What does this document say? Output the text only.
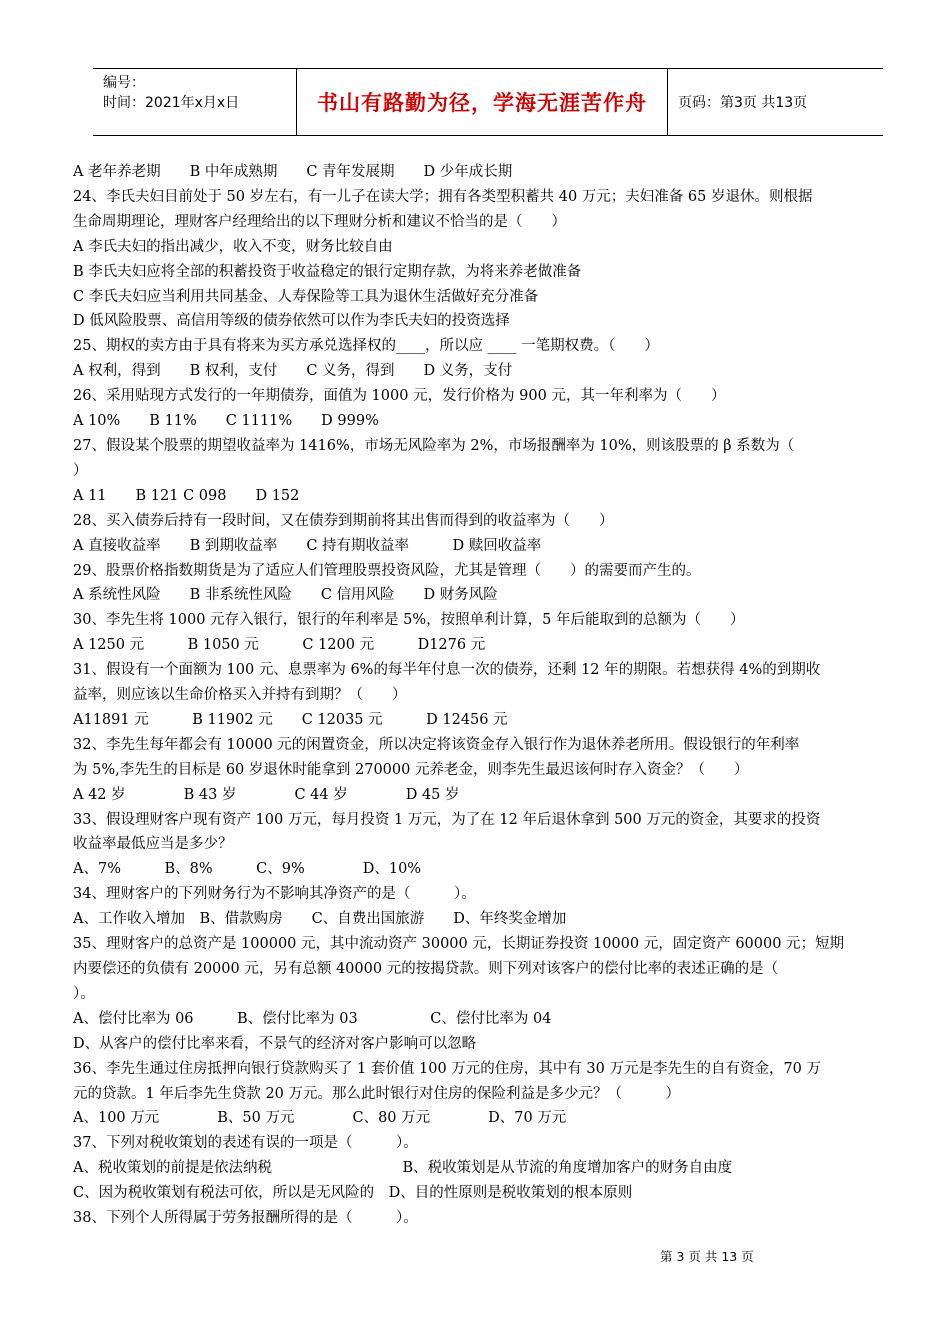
编号：
时间：2021年x月x日	书山有路勤为径，学海无涯苦作舟 页码：第3页 共13页
A 老年养老期　　B 中年成熟期　　C 青年发展期　　D 少年成长期
24、李氏夫妇目前处于 50 岁左右，有一儿子在读大学；拥有各类型积蓄共 40 万元；夫妇准备 65 岁退休。则根据
生命周期理论，理财客户经理给出的以下理财分析和建议不恰当的是（　　）
A 李氏夫妇的指出减少，收入不变，财务比较自由
B 李氏夫妇应将全部的积蓄投资于收益稳定的银行定期存款，为将来养老做准备
C 李氏夫妇应当利用共同基金、人寿保险等工具为退休生活做好充分准备
D 低风险股票、高信用等级的债券依然可以作为李氏夫妇的投资选择
25、期权的卖方由于具有将来为买方承兑选择权的____，所以应 ____ 一笔期权费。（　　）
A 权利，得到　　B 权利，支付　　C 义务，得到　　D 义务，支付
26、采用贴现方式发行的一年期债券，面值为 1000 元，发行价格为 900 元，其一年利率为（　　）
A 10%　　B 11%　　C 1111%　　D 999%
27、假设某个股票的期望收益率为 1416%，市场无风险率为 2%，市场报酬率为 10%，则该股票的 β 系数为（
）
A 11　　B 121 C 098　　D 152
28、买入债券后持有一段时间，又在债券到期前将其出售而得到的收益率为（　　）
A 直接收益率　　B 到期收益率　　C 持有期收益率　　　D 赎回收益率
29、股票价格指数期货是为了适应人们管理股票投资风险，尤其是管理（　　）的需要而产生的。
A 系统性风险　　B 非系统性风险　　C 信用风险　　D 财务风险
30、李先生将 1000 元存入银行，银行的年利率是 5%，按照单利计算，5 年后能取到的总额为（　　）
A 1250 元　　　B 1050 元　　　C 1200 元　　　D1276 元
31、假设有一个面额为 100 元、息票率为 6%的每半年付息一次的债券，还剩 12 年的期限。若想获得 4%的到期收
益率，则应该以生命价格买入并持有到期？（　　）
A11891 元　　　B 11902 元　　C 12035 元　　　D 12456 元
32、李先生每年都会有 10000 元的闲置资金，所以决定将该资金存入银行作为退休养老所用。假设银行的年利率
为 5%,李先生的目标是 60 岁退休时能拿到 270000 元养老金，则李先生最迟该何时存入资金？（　　）
A 42 岁　　　　B 43 岁　　　　C 44 岁　　　　D 45 岁
33、假设理财客户现有资产 100 万元，每月投资 1 万元，为了在 12 年后退休拿到 500 万元的资金，其要求的投资
收益率最低应当是多少？
A、7%　　　B、8%　　　C、9%　　　　D、10%
34、理财客户的下列财务行为不影响其净资产的是（　　　）。
A、工作收入增加　B、借款购房　　C、自费出国旅游　　D、年终奖金增加
35、理财客户的总资产是 100000 元，其中流动资产 30000 元，长期证券投资 10000 元，固定资产 60000 元；短期
内要偿还的负债有 20000 元，另有总额 40000 元的按揭贷款。则下列对该客户的偿付比率的表述正确的是（
）。
A、偿付比率为 06　　　B、偿付比率为 03　　　　　C、偿付比率为 04
D、从客户的偿付比率来看，不景气的经济对客户影响可以忽略
36、李先生通过住房抵押向银行贷款购买了 1 套价值 100 万元的住房，其中有 30 万元是李先生的自有资金，70 万
元的贷款。1 年后李先生贷款 20 万元。那么此时银行对住房的保险利益是多少元？（　　　）
A、100 万元　　　　B、50 万元　　　　C、80 万元　　　　D、70 万元
37、下列对税收策划的表述有误的一项是（　　　）。
A、税收策划的前提是依法纳税　　　　　　　　　B、税收策划是从节流的角度增加客户的财务自由度
C、因为税收策划有税法可依，所以是无风险的　D、目的性原则是税收策划的根本原则
38、下列个人所得属于劳务报酬所得的是（　　　）。
第 3 页 共 13 页
